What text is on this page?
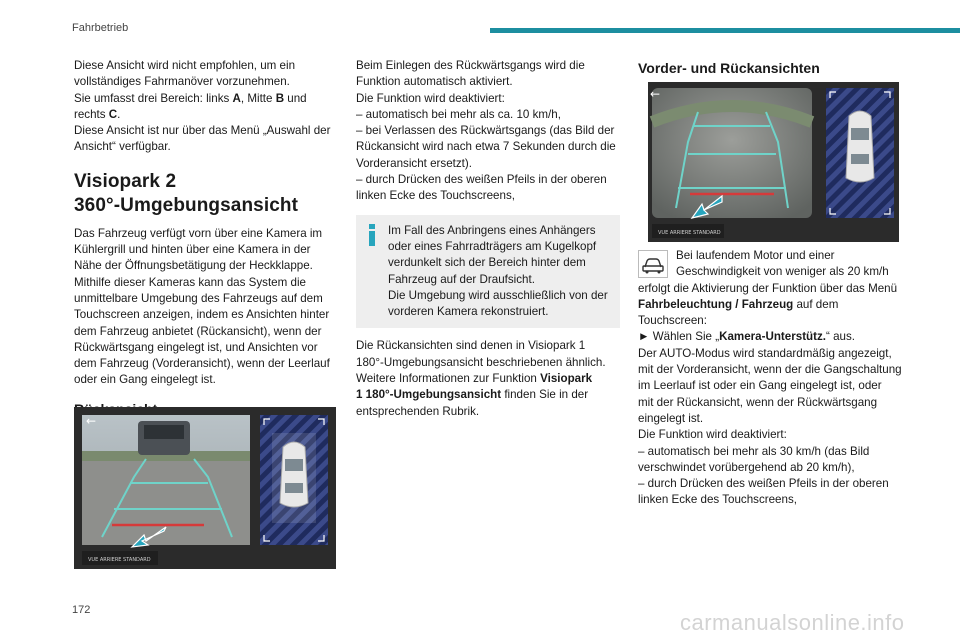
Fahrbetrieb

Diese Ansicht wird nicht empfohlen, um ein
vollständiges Fahrmanöver vorzunehmen.

Sie umfasst drei Bereich: links A, Mitte B und
rechts C.

Diese Ansicht ist nur über das Menü „Auswahl der
Ansicht“ verfügbar.

Visiopark 2
360°-Umgebungsansicht

Das Fahrzeug verfügt vorn über eine Kamera im
Kühlergrill und hinten über eine Kamera in der
Nähe der Öffnungsbetätigung der Heckklappe.
Mithilfe dieser Kameras kann das System die
unmittelbare Umgebung des Fahrzeugs auf dem
Touchscreen anzeigen, indem es Ansichten hinter
dem Fahrzeug anbietet (Rückansicht), wenn der
Rückwärtsgang eingelegt ist, und Ansichten vor
dem Fahrzeug (Vorderansicht), wenn der Leerlauf
oder ein Gang eingelegt ist.

←
VUE ARRIERE STANDARD

Beim Einlegen des Rückwärtsgangs wird die
Funktion automatisch aktiviert.
Die Funktion wird deaktiviert:
– automatisch bei mehr als ca. 10 km/h,
– bei Verlassen des Rückwärtsgangs (das Bild der
Rückansicht wird nach etwa 7 Sekunden durch die
Vorderansicht ersetzt).
– durch Drücken des weißen Pfeils in der oberen
linken Ecke des Touchscreens,

Im Fall des Anbringens eines Anhängers
oder eines Fahrradträgers am Kugelkopf
verdunkelt sich der Bereich hinter dem
Fahrzeug auf der Draufsicht.
Die Umgebung wird ausschließlich von der
vorderen Kamera rekonstruiert.

Die Rückansichten sind denen in Visiopark 1
180°-Umgebungsansicht beschriebenen ähnlich.
Weitere Informationen zur Funktion Visiopark
1 180°-Umgebungsansicht finden Sie in der
entsprechenden Rubrik.

Vorder- und Rückansichten
←
VUE ARRIERE STANDARD

Bei laufendem Motor und einer
Geschwindigkeit von weniger als 20 km/h
erfolgt die Aktivierung der Funktion über das Menü
Fahrbeleuchtung / Fahrzeug auf dem
Touchscreen:

► Wählen Sie „Kamera-Unterstütz.“ aus.

Der AUTO-Modus wird standardmäßig angezeigt,
mit der Vorderansicht, wenn der die Gangschaltung
im Leerlauf ist oder ein Gang eingelegt ist, oder
mit der Rückansicht, wenn der Rückwärtsgang
eingelegt ist.
Die Funktion wird deaktiviert:
– automatisch bei mehr als 30 km/h (das Bild
verschwindet vorübergehend ab 20 km/h),
– durch Drücken des weißen Pfeils in der oberen
linken Ecke des Touchscreens,

172	carmanualsonline.info
